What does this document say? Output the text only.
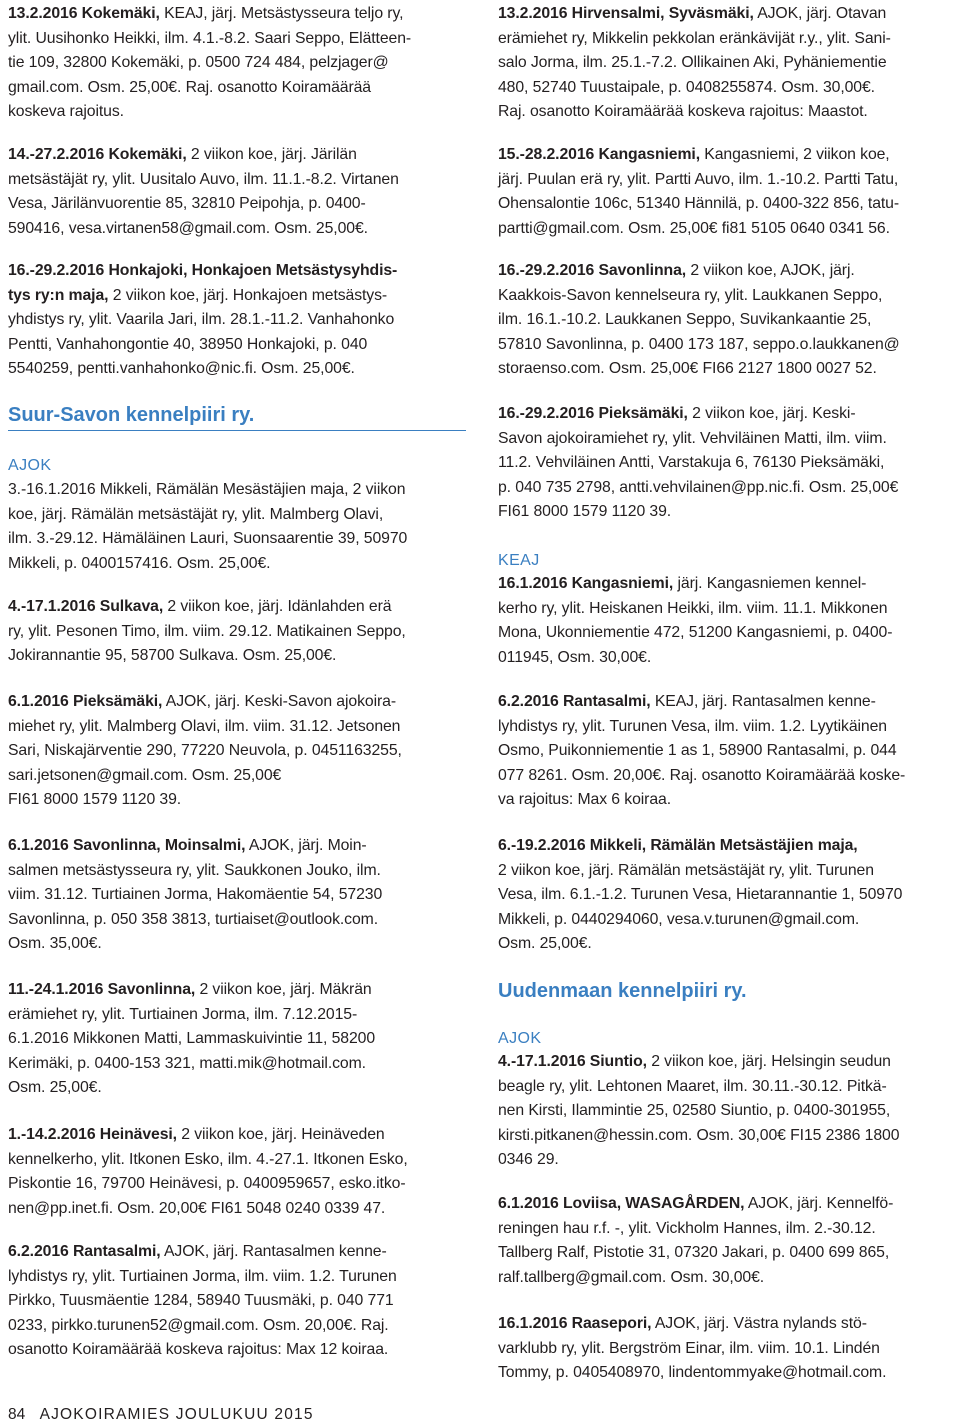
13.2.2016 Kokemäki, KEAJ, järj. Metsästysseura teljo ry,
ylit. Uusihonko Heikki, ilm. 4.1.-8.2. Saari Seppo, Elätteen-
tie 109, 32800 Kokemäki, p. 0500 724 484, pelzjager@
gmail.com. Osm. 25,00€. Raj. osanotto Koiramäärää
koskeva rajoitus.
14.-27.2.2016 Kokemäki, 2 viikon koe, järj. Järilän
metsästäjät ry, ylit. Uusitalo Auvo, ilm. 11.1.-8.2. Virtanen
Vesa, Järilänvuorentie 85, 32810 Peipohja, p. 0400-
590416, vesa.virtanen58@gmail.com. Osm. 25,00€.
16.-29.2.2016 Honkajoki, Honkajoen Metsästysyhdis-
tys ry:n maja, 2 viikon koe, järj. Honkajoen metsästys-
yhdistys ry, ylit. Vaarila Jari, ilm. 28.1.-11.2. Vanhahonko
Pentti, Vanhahongontie 40, 38950 Honkajoki, p. 040
5540259, pentti.vanhahonko@nic.fi. Osm. 25,00€.
Suur-Savon kennelpiiri ry.
AJOK
3.-16.1.2016 Mikkeli, Rämälän Mesästäjien maja, 2 viikon
koe, järj. Rämälän metsästäjät ry, ylit. Malmberg Olavi,
ilm. 3.-29.12. Hämäläinen Lauri, Suonsaarentie 39, 50970
Mikkeli, p. 0400157416. Osm. 25,00€.
4.-17.1.2016 Sulkava, 2 viikon koe, järj. Idänlahden erä
ry, ylit. Pesonen Timo, ilm. viim. 29.12. Matikainen Seppo,
Jokirannantie 95, 58700 Sulkava. Osm. 25,00€.
6.1.2016 Pieksämäki, AJOK, järj. Keski-Savon ajokoira-
miehet ry, ylit. Malmberg Olavi, ilm. viim. 31.12. Jetsonen
Sari, Niskajärventie 290, 77220 Neuvola, p. 0451163255,
sari.jetsonen@gmail.com. Osm. 25,00€
FI61 8000 1579 1120 39.
6.1.2016 Savonlinna, Moinsalmi, AJOK, järj. Moin-
salmen metsästysseura ry, ylit. Saukkonen Jouko, ilm.
viim. 31.12. Turtiainen Jorma, Hakomäentie 54, 57230
Savonlinna, p. 050 358 3813, turtiaiset@outlook.com.
Osm. 35,00€.
11.-24.1.2016 Savonlinna, 2 viikon koe, järj. Mäkrän
erämiehet ry, ylit. Turtiainen Jorma, ilm. 7.12.2015-
6.1.2016 Mikkonen Matti, Lammaskuivintie 11, 58200
Kerimäki, p. 0400-153 321, matti.mik@hotmail.com.
Osm. 25,00€.
1.-14.2.2016 Heinävesi, 2 viikon koe, järj. Heinäveden
kennelkerho, ylit. Itkonen Esko, ilm. 4.-27.1. Itkonen Esko,
Piskontie 16, 79700 Heinävesi, p. 0400959657, esko.itko-
nen@pp.inet.fi. Osm. 20,00€ FI61 5048 0240 0339 47.
6.2.2016 Rantasalmi, AJOK, järj. Rantasalmen kenne-
lyhdistys ry, ylit. Turtiainen Jorma, ilm. viim. 1.2. Turunen
Pirkko, Tuusmäentie 1284, 58940 Tuusmäki, p. 040 771
0233, pirkko.turunen52@gmail.com. Osm. 20,00€. Raj.
osanotto Koiramäärää koskeva rajoitus: Max 12 koiraa.
13.2.2016 Hirvensalmi, Syväsmäki, AJOK, järj. Otavan
erämiehet ry, Mikkelin pekkolan eränkävijät r.y., ylit. Sani-
salo Jorma, ilm. 25.1.-7.2. Ollikainen Aki, Pyhäniementie
480, 52740 Tuustaipale, p. 0408255874. Osm. 30,00€.
Raj. osanotto Koiramäärää koskeva rajoitus: Maastot.
15.-28.2.2016 Kangasniemi, Kangasniemi, 2 viikon koe,
järj. Puulan erä ry, ylit. Partti Auvo, ilm. 1.-10.2. Partti Tatu,
Ohensalontie 106c, 51340 Hännilä, p. 0400-322 856, tatu-
partti@gmail.com. Osm. 25,00€ fi81 5105 0640 0341 56.
16.-29.2.2016 Savonlinna, 2 viikon koe, AJOK, järj.
Kaakkois-Savon kennelseura ry, ylit. Laukkanen Seppo,
ilm. 16.1.-10.2. Laukkanen Seppo, Suvikankaantie 25,
57810 Savonlinna, p. 0400 173 187, seppo.o.laukkanen@
storaenso.com. Osm. 25,00€ FI66 2127 1800 0027 52.
16.-29.2.2016 Pieksämäki, 2 viikon koe, järj. Keski-
Savon ajokoiramiehet ry, ylit. Vehviläinen Matti, ilm. viim.
11.2. Vehviläinen Antti, Varstakuja 6, 76130 Pieksämäki,
p. 040 735 2798, antti.vehvilainen@pp.nic.fi. Osm. 25,00€
FI61 8000 1579 1120 39.
KEAJ
16.1.2016 Kangasniemi, järj. Kangasniemen kennel-
kerho ry, ylit. Heiskanen Heikki, ilm. viim. 11.1. Mikkonen
Mona, Ukonniementie 472, 51200 Kangasniemi, p. 0400-
011945, Osm. 30,00€.
6.2.2016 Rantasalmi, KEAJ, järj. Rantasalmen kenne-
lyhdistys ry, ylit. Turunen Vesa, ilm. viim. 1.2. Lyytikäinen
Osmo, Puikonniementie 1 as 1, 58900 Rantasalmi, p. 044
077 8261. Osm. 20,00€. Raj. osanotto Koiramäärää koske-
va rajoitus: Max 6 koiraa.
6.-19.2.2016 Mikkeli, Rämälän Metsästäjien maja,
2 viikon koe, järj. Rämälän metsästäjät ry, ylit. Turunen
Vesa, ilm. 6.1.-1.2. Turunen Vesa, Hietarannantie 1, 50970
Mikkeli, p. 0440294060, vesa.v.turunen@gmail.com.
Osm. 25,00€.
Uudenmaan kennelpiiri ry.
AJOK
4.-17.1.2016 Siuntio, 2 viikon koe, järj. Helsingin seudun
beagle ry, ylit. Lehtonen Maaret, ilm. 30.11.-30.12. Pitkä-
nen Kirsti, Ilammintie 25, 02580 Siuntio, p. 0400-301955,
kirsti.pitkanen@hessin.com. Osm. 30,00€ FI15 2386 1800
0346 29.
6.1.2016 Loviisa, WASAGÅRDEN, AJOK, järj. Kennelfö-
reningen hau r.f. -, ylit. Vickholm Hannes, ilm. 2.-30.12.
Tallberg Ralf, Pistotie 31, 07320 Jakari, p. 0400 699 865,
ralf.tallberg@gmail.com. Osm. 30,00€.
16.1.2016 Raasepori, AJOK, järj. Västra nylands stö-
varklubb ry, ylit. Bergström Einar, ilm. viim. 10.1. Lindén
Tommy, p. 0405408970, lindentommyake@hotmail.com.
84 AJOKOIRAMIES JOULUKUU 2015
